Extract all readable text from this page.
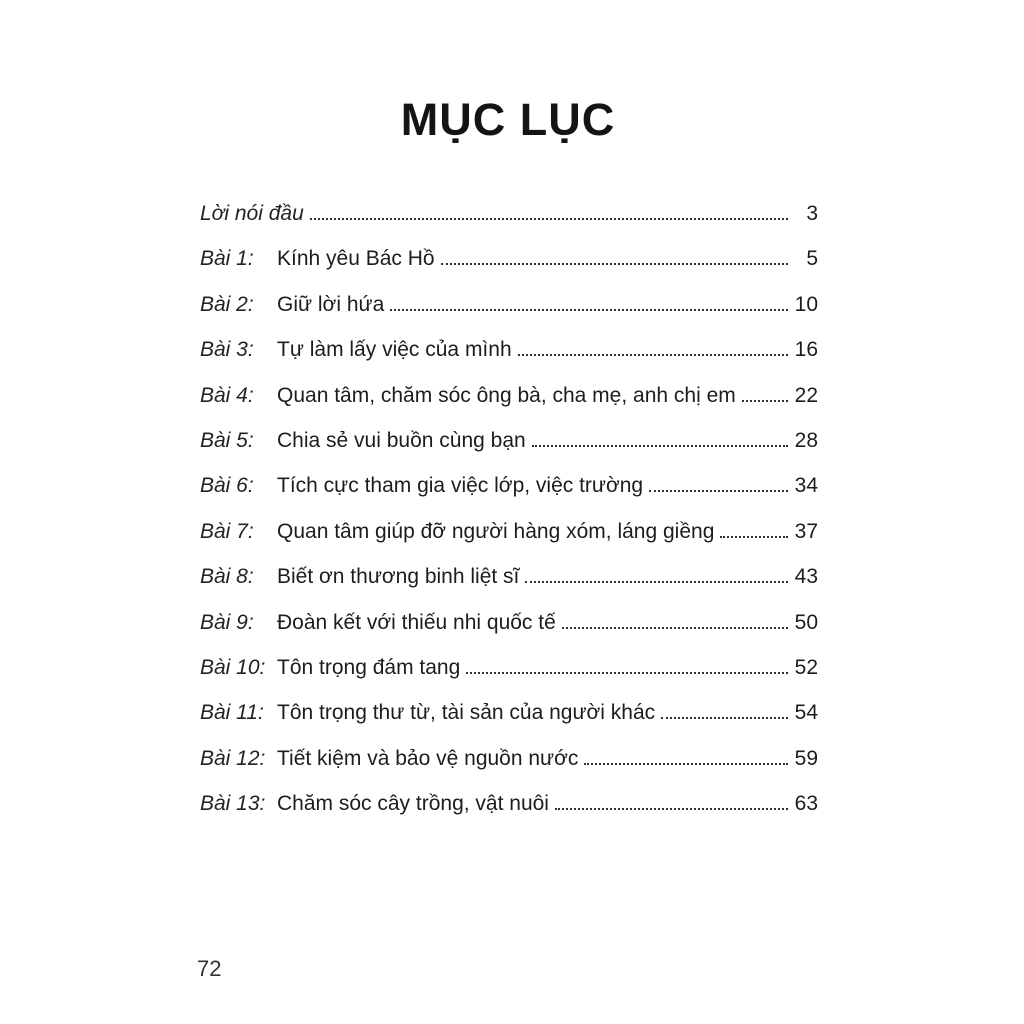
MỤC LỤC
Lời nói đầu	3
Bài 1:	Kính yêu Bác Hồ	5
Bài 2:	Giữ lời hứa	10
Bài 3:	Tự làm lấy việc của mình	16
Bài 4:	Quan tâm, chăm sóc ông bà, cha mẹ, anh chị em	22
Bài 5:	Chia sẻ vui buồn cùng bạn	28
Bài 6:	Tích cực tham gia việc lớp, việc trường	34
Bài 7:	Quan tâm giúp đỡ người hàng xóm, láng giềng	37
Bài 8:	Biết ơn thương binh liệt sĩ	43
Bài 9:	Đoàn kết với thiếu nhi quốc tế	50
Bài 10: Tôn trọng đám tang	52
Bài 11: Tôn trọng thư từ, tài sản của người khác	54
Bài 12: Tiết kiệm và bảo vệ nguồn nước	59
Bài 13: Chăm sóc cây trồng, vật nuôi	63
72
